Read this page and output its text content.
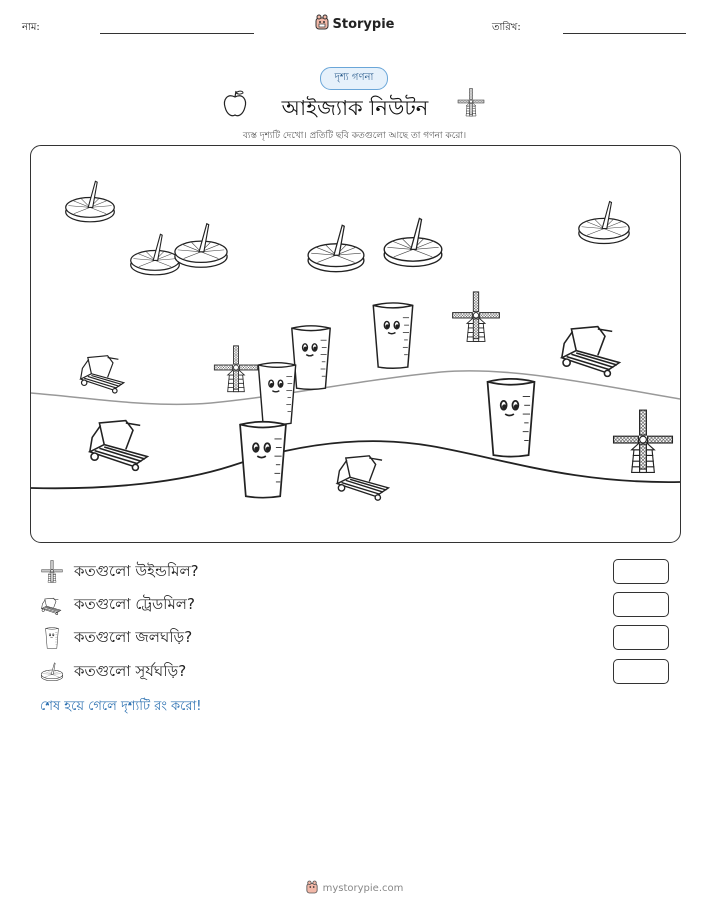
নাম:	Storypie	তারিখ:
দৃশ্য গণনা
আইজ্যাক নিউটন
ব্যস্ত দৃশ্যটি দেখো। প্রতিটি ছবি কতগুলো আছে তা গণনা করো।
কতগুলো উইন্ডমিল?
কতগুলো ট্রেডমিল?
কতগুলো জলঘড়ি?
কতগুলো সূর্যঘড়ি?
শেষ হয়ে গেলে দৃশ্যটি রং করো!
mystorypie.com
